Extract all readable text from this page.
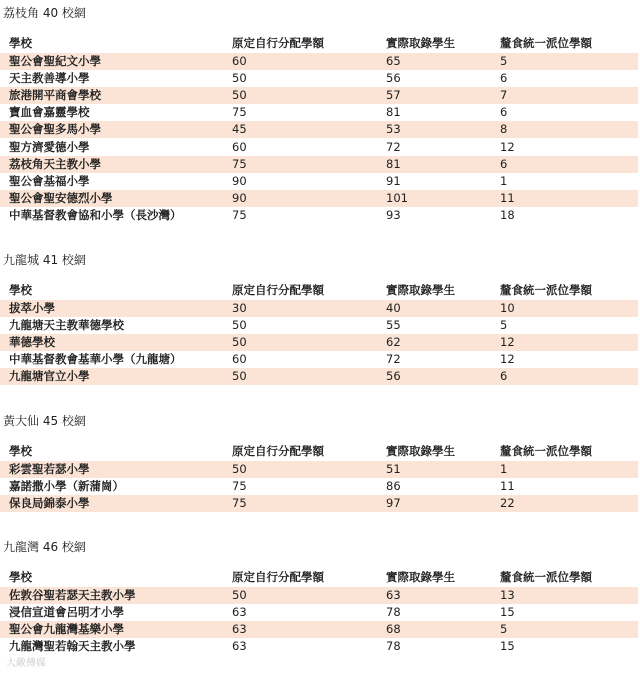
荔枝角 40 校網
學校	原定自行分配學額	實際取錄學生	釐食統一派位學額
聖公會聖紀文小學	60	65	5
天主教善導小學	50	56	6
旅港開平商會學校	50	57	7
寶血會嘉靈學校	75	81	6
聖公會聖多馬小學	45	53	8
聖方濟愛德小學	60	72	12
荔枝角天主教小學	75	81	6
聖公會基福小學	90	91	1
聖公會聖安德烈小學	90	101	11
中華基督教會協和小學（長沙灣）	75	93	18
九龍城 41 校網
學校	原定自行分配學額	實際取錄學生	釐食統一派位學額
拔萃小學	30	40	10
九龍塘天主教華德學校	50	55	5
華德學校	50	62	12
中華基督教會基華小學（九龍塘）	60	72	12
九龍塘官立小學	50	56	6
黃大仙 45 校網
學校	原定自行分配學額	實際取錄學生	釐食統一派位學額
彩雲聖若瑟小學	50	51	1
嘉諾撒小學（新蒲崗）	75	86	11
保良局錦泰小學	75	97	22
九龍灣 46 校網
學校	原定自行分配學額	實際取錄學生	釐食統一派位學額
佐敦谷聖若瑟天主教小學	50	63	13
浸信宣道會呂明才小學	63	78	15
聖公會九龍灣基樂小學	63	68	5
九龍灣聖若翰天主教小學	63	78	15
大敵傳媒
